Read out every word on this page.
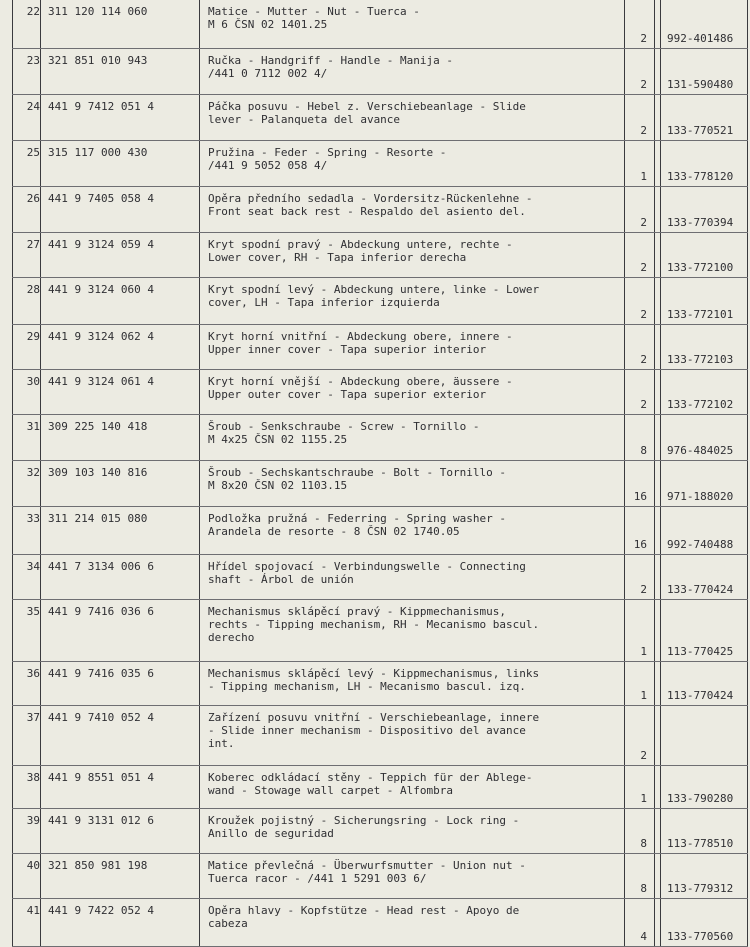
22	311 120 114 060	Matice - Mutter - Nut - Tuerca -
M 6 ČSN 02 1401.25	2		992-401486

23	321 851 010 943	Ručka - Handgriff - Handle - Manija -
/441 0 7112 002 4/	2		131-590480

24	441 9 7412 051 4	Páčka posuvu - Hebel z. Verschiebeanlage - Slide
lever - Palanqueta del avance	2		133-770521

25	315 117 000 430	Pružina - Feder - Spring - Resorte -
/441 9 5052 058 4/	1		133-778120

26	441 9 7405 058 4	Opěra předního sedadla - Vordersitz-Rückenlehne -
Front seat back rest - Respaldo del asiento del.	2		133-770394

27	441 9 3124 059 4	Kryt spodní pravý - Abdeckung untere, rechte -
Lower cover, RH - Tapa inferior derecha	2		133-772100

28	441 9 3124 060 4	Kryt spodní levý - Abdeckung untere, linke - Lower
cover, LH - Tapa inferior izquierda	2		133-772101

29	441 9 3124 062 4	Kryt horní vnitřní - Abdeckung obere, innere -
Upper inner cover - Tapa superior interior	2		133-772103

30	441 9 3124 061 4	Kryt horní vnější - Abdeckung obere, äussere -
Upper outer cover - Tapa superior exterior	2		133-772102

31	309 225 140 418	Šroub - Senkschraube - Screw - Tornillo -
M 4x25 ČSN 02 1155.25	8		976-484025

32	309 103 140 816	Šroub - Sechskantschraube - Bolt - Tornillo -
M 8x20 ČSN 02 1103.15	16		971-188020

33	311 214 015 080	Podložka pružná - Federring - Spring washer -
Arandela de resorte - 8 ČSN 02 1740.05	16		992-740488

34	441 7 3134 006 6	Hřídel spojovací - Verbindungswelle - Connecting
shaft - Árbol de unión	2		133-770424

35	441 9 7416 036 6	Mechanismus sklápěcí pravý - Kippmechanismus,
rechts - Tipping mechanism, RH - Mecanismo bascul.
derecho	1		113-770425

36	441 9 7416 035 6	Mechanismus sklápěcí levý - Kippmechanismus, links
- Tipping mechanism, LH - Mecanismo bascul. izq.	1		113-770424

37	441 9 7410 052 4	Zařízení posuvu vnitřní - Verschiebeanlage, innere
- Slide inner mechanism - Dispositivo del avance
int.	2		

38	441 9 8551 051 4	Koberec odkládací stěny - Teppich für der Ablege-
wand - Stowage wall carpet - Alfombra	1		133-790280

39	441 9 3131 012 6	Kroužek pojistný - Sicherungsring - Lock ring -
Anillo de seguridad	8		113-778510

40	321 850 981 198	Matice převlečná - Überwurfsmutter - Union nut -
Tuerca racor - /441 1 5291 003 6/	8		113-779312

41	441 9 7422 052 4	Opěra hlavy - Kopfstütze - Head rest - Apoyo de
cabeza	4		133-770560
